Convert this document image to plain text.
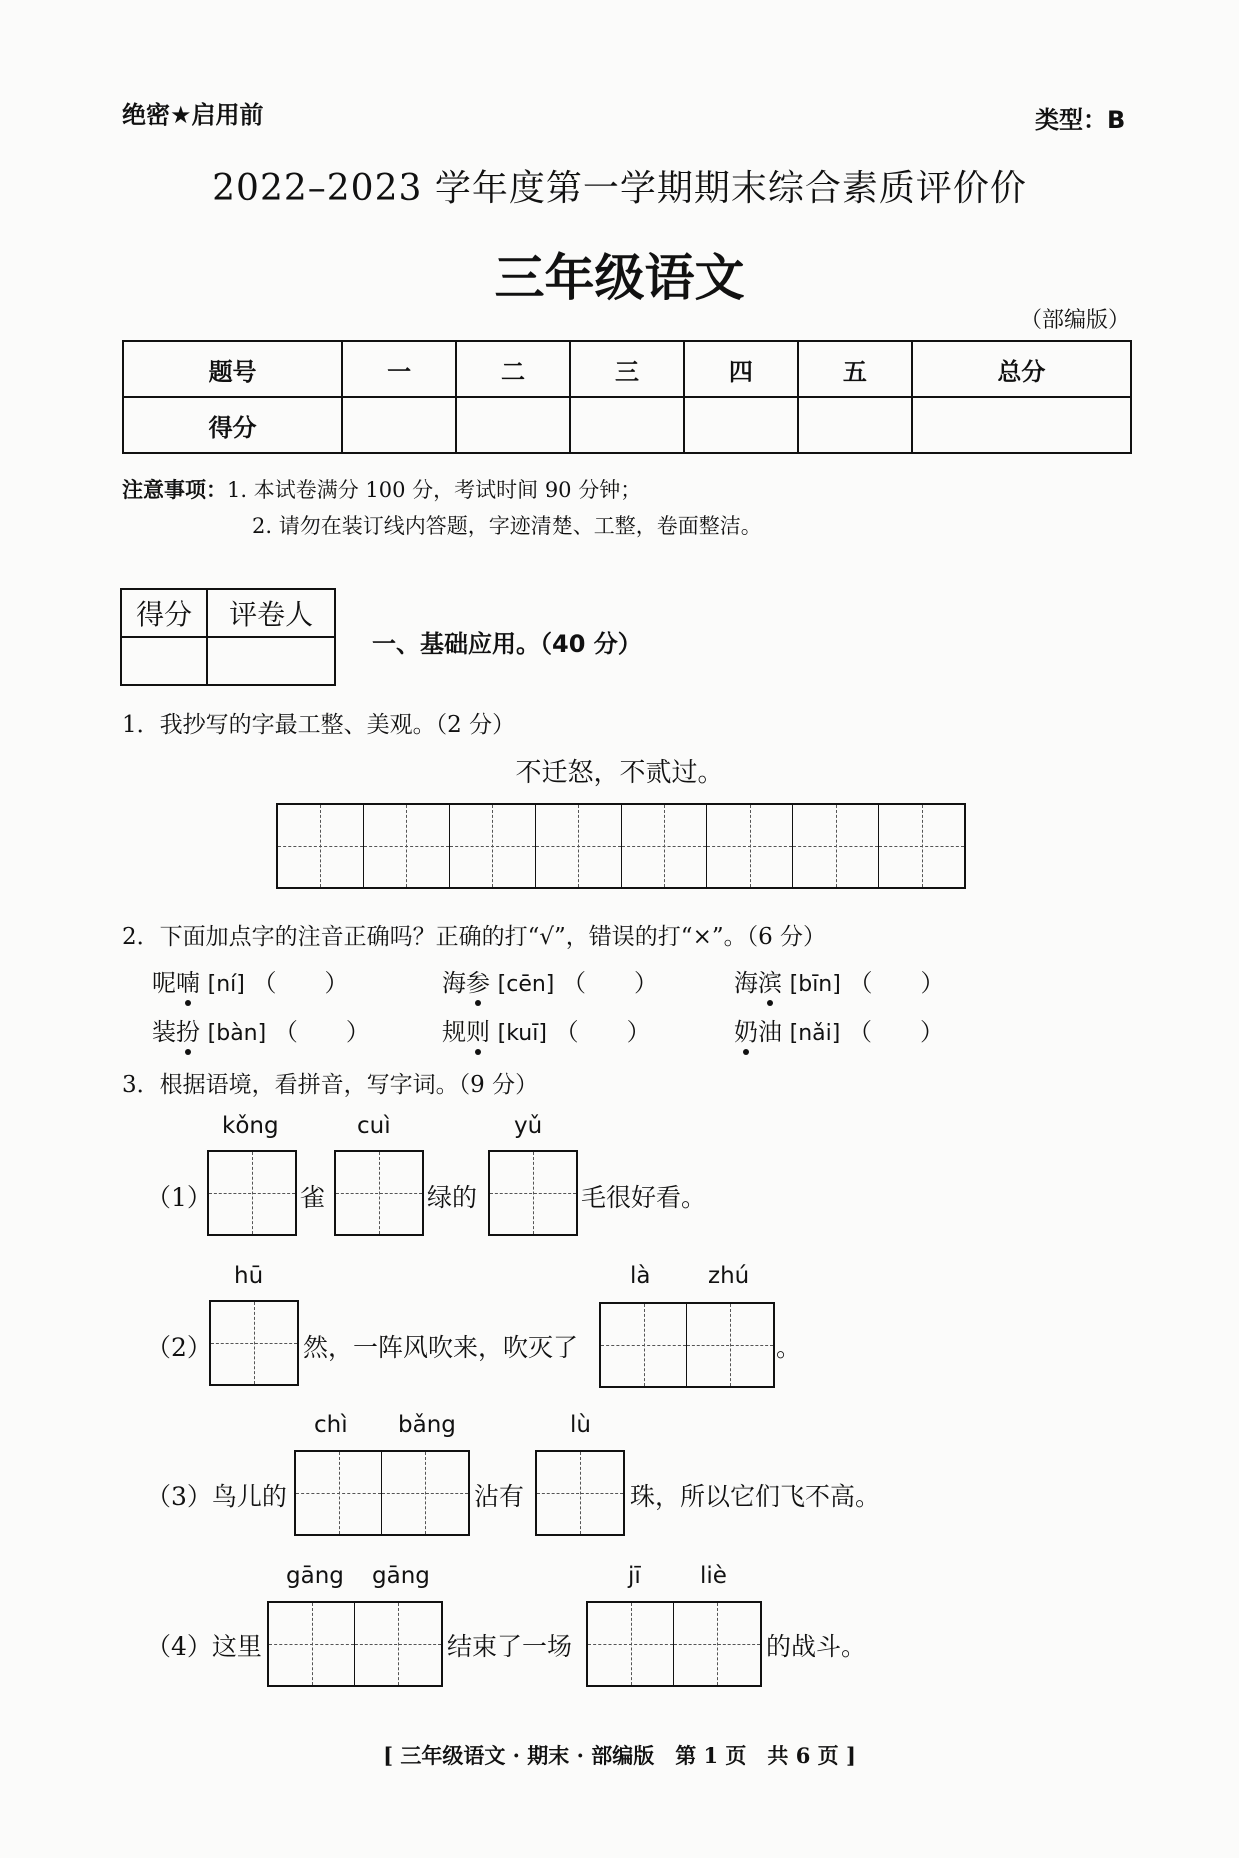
绝密★启用前	类型：B
2022–2023 学年度第一学期期末综合素质评价价
三年级语文
（部编版）
题号	一	二	三	四	五	总分
得分						
注意事项：1. 本试卷满分 100 分，考试时间 90 分钟；
2. 请勿在装订线内答题，字迹清楚、工整，卷面整洁。
得分	评卷人

一、基础应用。（40 分）
1．我抄写的字最工整、美观。（2 分）
不迁怒，不贰过。
2．下面加点字的注音正确吗？正确的打“√”，错误的打“×”。（6 分）
呢喃 [ní] （　　）	海参 [cēn] （　　）	海滨 [bīn] （　　）
装扮 [bàn] （　　）	规则 [kuī] （　　）	奶油 [nǎi] （　　）
3．根据语境，看拼音，写字词。（9 分）
（1）
kǒng
雀
cuì
绿的
yǔ
毛很好看。
（2）
hū
然，一阵风吹来，吹灭了
là	zhú
。
（3）鸟儿的
chì bǎng
沾有
lù
珠，所以它们飞不高。
（4）这里
gāng gāng
结束了一场
jī	liè
的战斗。
[ 三年级语文 · 期末 · 部编版　第 1 页　共 6 页 ]
